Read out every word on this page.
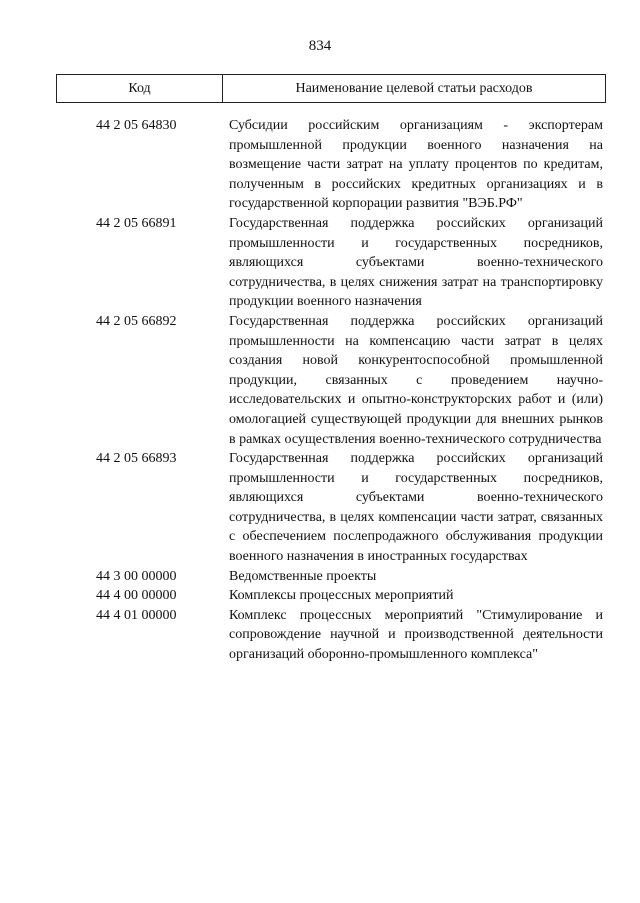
834
Код	Наименование целевой статьи расходов
44 2 05 64830	Субсидии российским организациям - экспортерам промышленной продукции военного назначения на возмещение части затрат на уплату процентов по кредитам, полученным в российских кредитных организациях и в государственной корпорации развития "ВЭБ.РФ"
44 2 05 66891	Государственная поддержка российских организаций промышленности и государственных посредников, являющихся субъектами военно-технического сотрудничества, в целях снижения затрат на транспортировку продукции военного назначения
44 2 05 66892	Государственная поддержка российских организаций промышленности на компенсацию части затрат в целях создания новой конкурентоспособной промышленной продукции, связанных с проведением научно-исследовательских и опытно-конструкторских работ и (или) омологацией существующей продукции для внешних рынков в рамках осуществления военно-технического сотрудничества
44 2 05 66893	Государственная поддержка российских организаций промышленности и государственных посредников, являющихся субъектами военно-технического сотрудничества, в целях компенсации части затрат, связанных с обеспечением послепродажного обслуживания продукции военного назначения в иностранных государствах
44 3 00 00000	Ведомственные проекты
44 4 00 00000	Комплексы процессных мероприятий
44 4 01 00000	Комплекс процессных мероприятий "Стимулирование и сопровождение научной и производственной деятельности организаций оборонно-промышленного комплекса"
